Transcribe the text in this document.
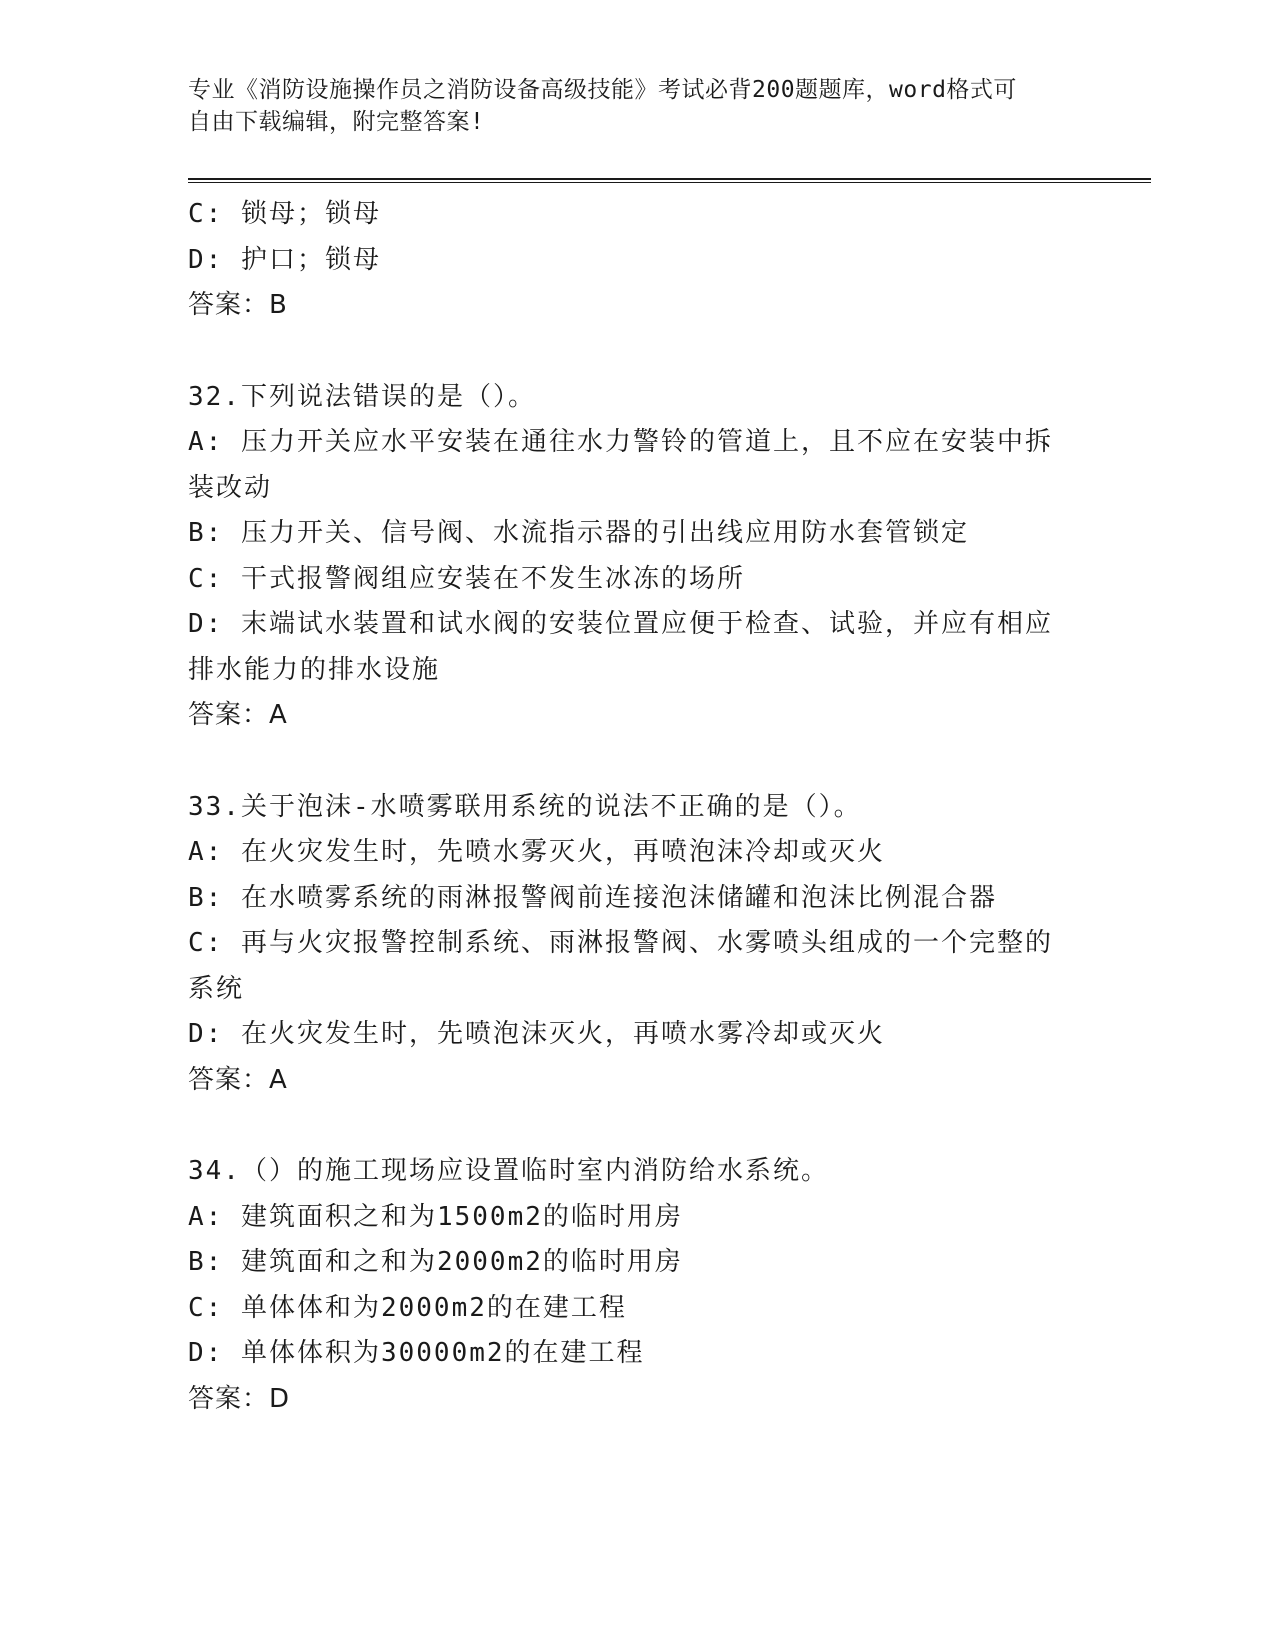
专业《消防设施操作员之消防设备高级技能》考试必背200题题库，word格式可
自由下载编辑，附完整答案!
C: 锁母；锁母
D: 护口；锁母
答案：B
32.下列说法错误的是（）。
A: 压力开关应水平安装在通往水力警铃的管道上，且不应在安装中拆
装改动
B: 压力开关、信号阀、水流指示器的引出线应用防水套管锁定
C: 干式报警阀组应安装在不发生冰冻的场所
D: 末端试水装置和试水阀的安装位置应便于检查、试验，并应有相应
排水能力的排水设施
答案：A
33.关于泡沫-水喷雾联用系统的说法不正确的是（）。
A: 在火灾发生时，先喷水雾灭火，再喷泡沫冷却或灭火
B: 在水喷雾系统的雨淋报警阀前连接泡沫储罐和泡沫比例混合器
C: 再与火灾报警控制系统、雨淋报警阀、水雾喷头组成的一个完整的
系统
D: 在火灾发生时，先喷泡沫灭火，再喷水雾冷却或灭火
答案：A
34.（）的施工现场应设置临时室内消防给水系统。
A: 建筑面积之和为1500m2的临时用房
B: 建筑面和之和为2000m2的临时用房
C: 单体体和为2000m2的在建工程
D: 单体体积为30000m2的在建工程
答案：D
